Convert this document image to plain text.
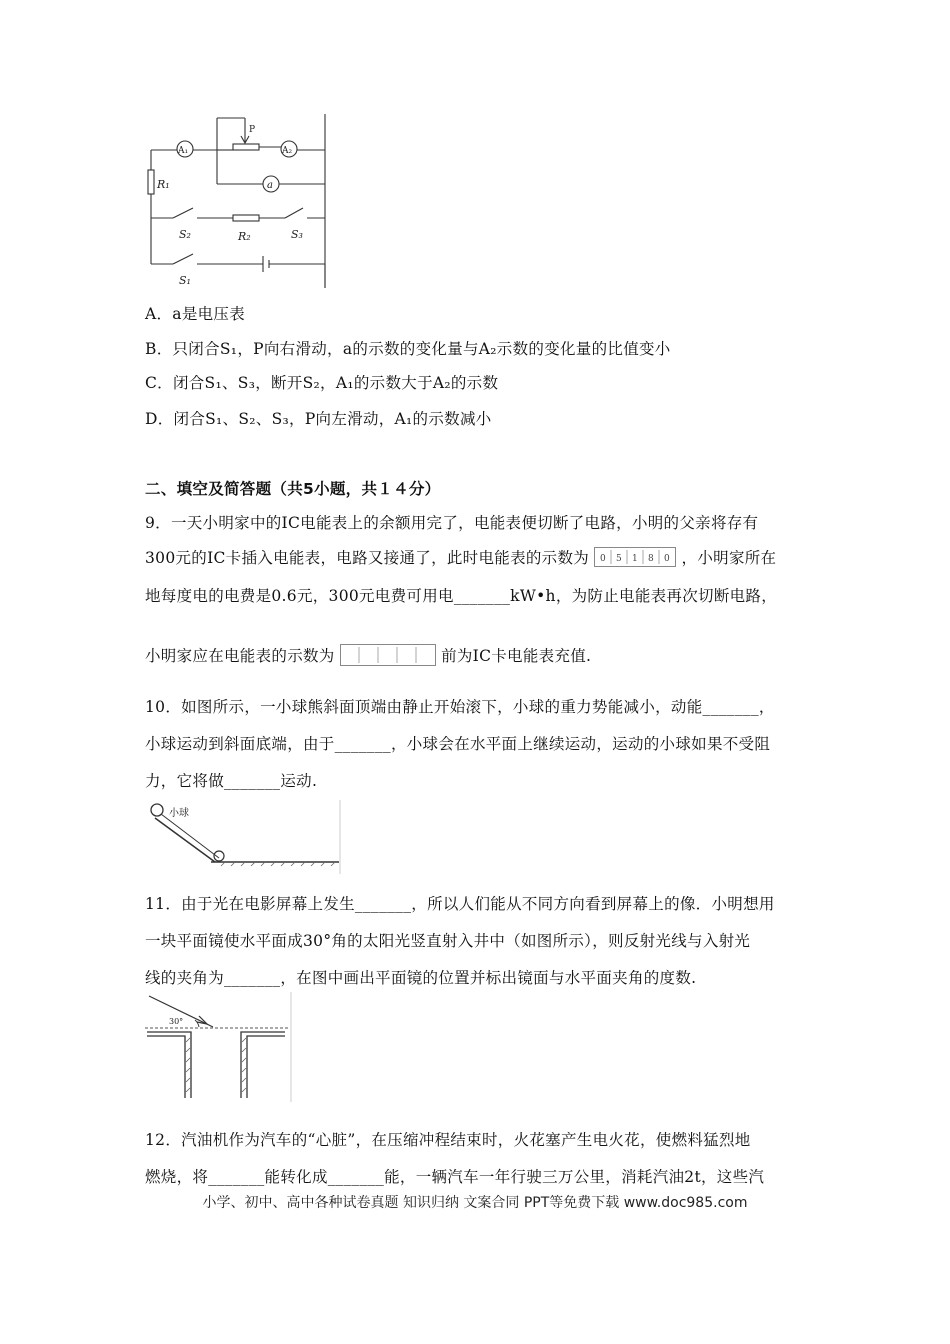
A₁	A₂
a
P
R₁
R₂
S₂	S₃
S₁
A．a是电压表
B．只闭合S₁，P向右滑动，a的示数的变化量与A₂示数的变化量的比值变小
C．闭合S₁、S₃，断开S₂，A₁的示数大于A₂的示数
D．闭合S₁、S₂、S₃，P向左滑动，A₁的示数减小
二、填空及简答题（共5小题，共１４分）
9．一天小明家中的IC电能表上的余额用完了，电能表便切断了电路，小明的父亲将存有
300元的IC卡插入电能表，电路又接通了，此时电能表的示数为 0 5 1 8 0 ，小明家所在
地每度电的电费是0.6元，300元电费可用电_______kW•h，为防止电能表再次切断电路，
小明家应在电能表的示数为	前为IC卡电能表充值.
10．如图所示，一小球熊斜面顶端由静止开始滚下，小球的重力势能减小，动能_______，
小球运动到斜面底端，由于_______，小球会在水平面上继续运动，运动的小球如果不受阻
力，它将做_______运动.
小球
11．由于光在电影屏幕上发生_______，所以人们能从不同方向看到屏幕上的像．小明想用
一块平面镜使水平面成30°角的太阳光竖直射入井中（如图所示），则反射光线与入射光
线的夹角为_______，在图中画出平面镜的位置并标出镜面与水平面夹角的度数.
30°
12．汽油机作为汽车的“心脏”，在压缩冲程结束时，火花塞产生电火花，使燃料猛烈地
燃烧，将_______能转化成_______能，一辆汽车一年行驶三万公里，消耗汽油2t，这些汽
小学、初中、高中各种试卷真题 知识归纳 文案合同 PPT等免费下载 www.doc985.com
